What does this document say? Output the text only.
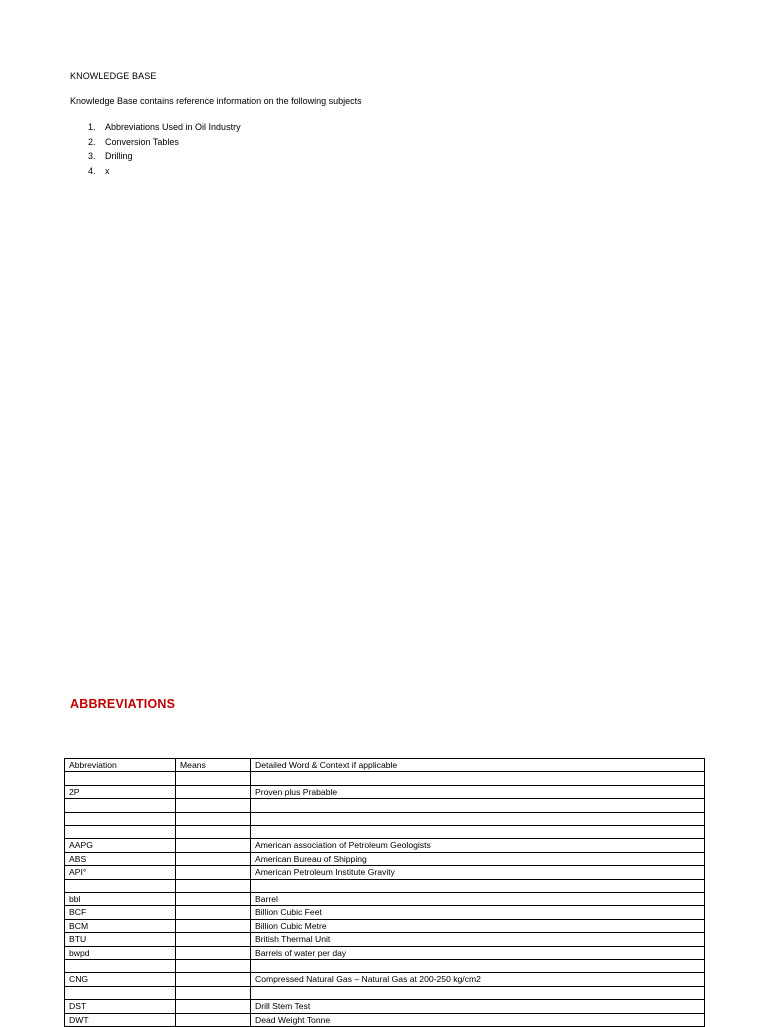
KNOWLEDGE BASE
Knowledge Base contains reference information on the following subjects
1.	Abbreviations Used in Oil Industry
2.	Conversion Tables
3.	Drilling
4.	x
ABBREVIATIONS
Abbreviation	Means	Detailed Word & Context if applicable

2P		Proven plus Prabable

AAPG		American association of Petroleum Geologists
ABS		American Bureau of Shipping
API°		American Petroleum Institute Gravity

bbl		Barrel
BCF		Billion Cubic Feet
BCM		Billion Cubic Metre
BTU		British Thermal Unit
bwpd		Barrels of water per day

CNG		Compressed Natural Gas – Natural Gas at 200-250 kg/cm2

DST		Drill Stem Test
DWT		Dead Weight Tonne
